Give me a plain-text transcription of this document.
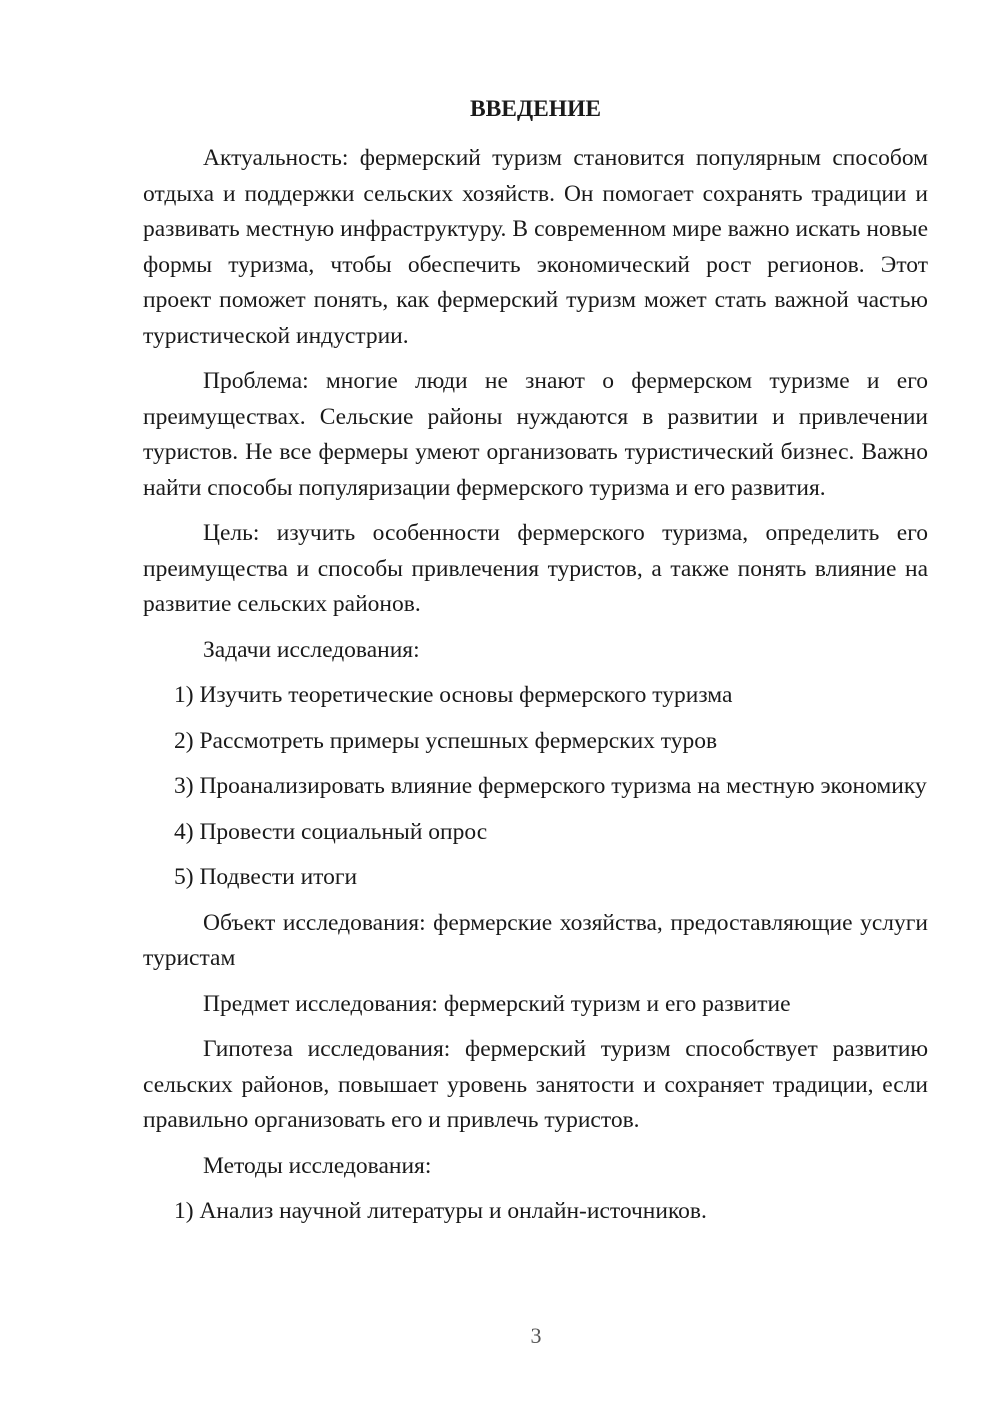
ВВЕДЕНИЕ

Актуальность: фермерский туризм становится популярным способом отдыха и поддержки сельских хозяйств. Он помогает сохранять традиции и развивать местную инфраструктуру. В современном мире важно искать новые формы туризма, чтобы обеспечить экономический рост регионов. Этот проект поможет понять, как фермерский туризм может стать важной частью туристической индустрии.

Проблема: многие люди не знают о фермерском туризме и его преимуществах. Сельские районы нуждаются в развитии и привлечении туристов. Не все фермеры умеют организовать туристический бизнес. Важно найти способы популяризации фермерского туризма и его развития.

Цель: изучить особенности фермерского туризма, определить его преимущества и способы привлечения туристов, а также понять влияние на развитие сельских районов.

Задачи исследования:

1) Изучить теоретические основы фермерского туризма

2) Рассмотреть примеры успешных фермерских туров

3) Проанализировать влияние фермерского туризма на местную экономику

4) Провести социальный опрос

5) Подвести итоги

Объект исследования: фермерские хозяйства, предоставляющие услуги туристам

Предмет исследования: фермерский туризм и его развитие

Гипотеза исследования: фермерский туризм способствует развитию сельских районов, повышает уровень занятости и сохраняет традиции, если правильно организовать его и привлечь туристов.

Методы исследования:

1) Анализ научной литературы и онлайн-источников.

3
